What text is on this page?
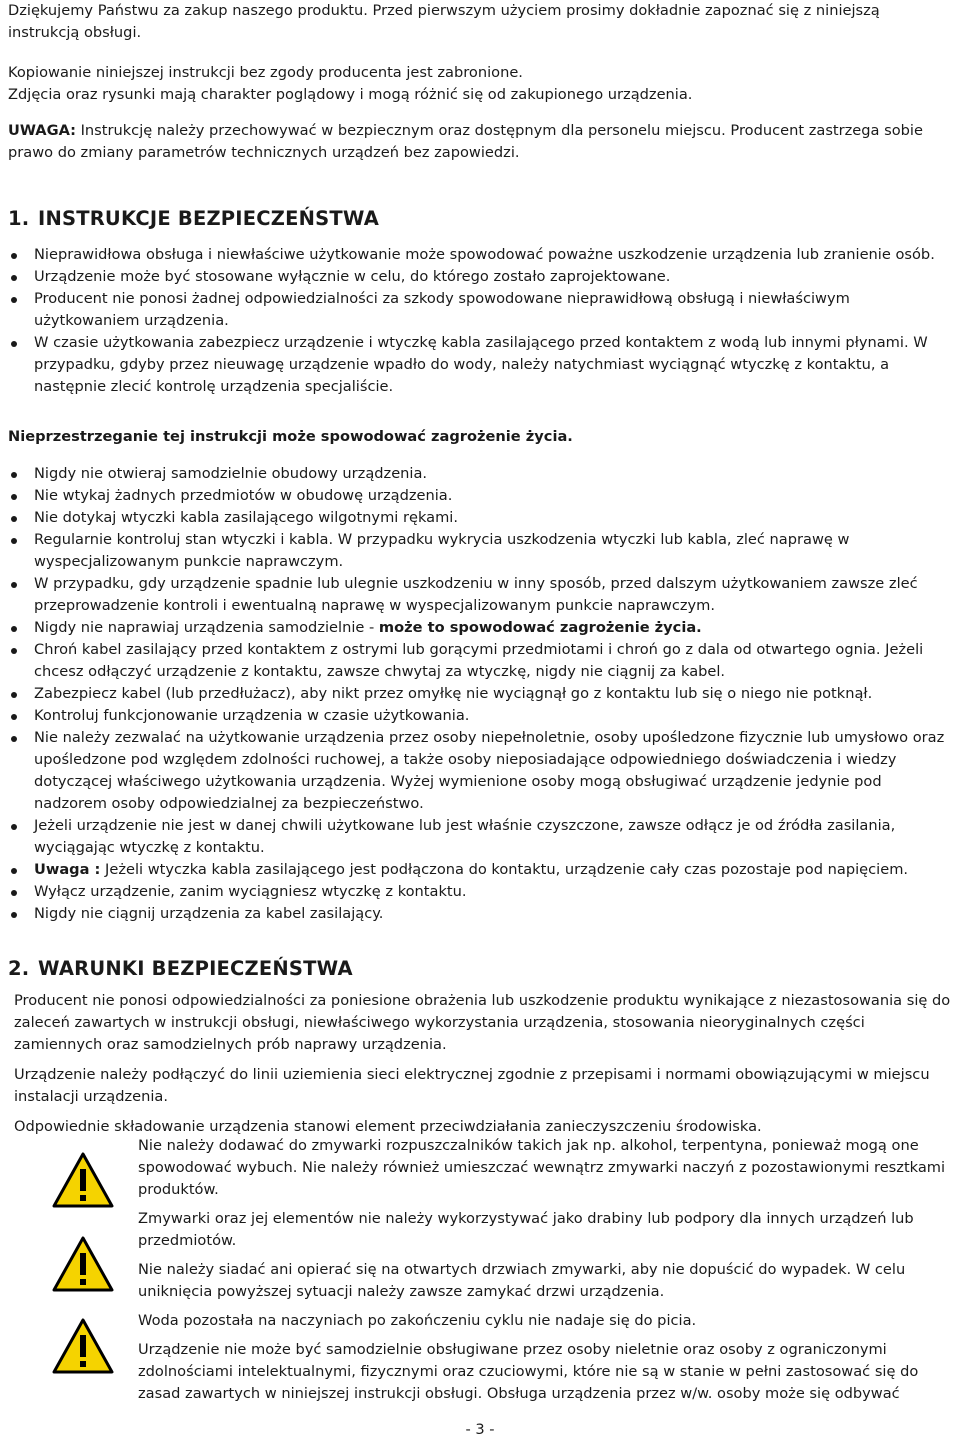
Dziękujemy Państwu za zakup naszego produktu. Przed pierwszym użyciem prosimy dokładnie zapoznać się z niniejszą instrukcją obsługi.

Kopiowanie niniejszej instrukcji bez zgody producenta jest zabronione.

Zdjęcia oraz rysunki mają charakter poglądowy i mogą różnić się od zakupionego urządzenia.

UWAGA: Instrukcję należy przechowywać w bezpiecznym oraz dostępnym dla personelu miejscu. Producent zastrzega sobie prawo do zmiany parametrów technicznych urządzeń bez zapowiedzi.

1. INSTRUKCJE BEZPIECZEŃSTWA
Nieprawidłowa obsługa i niewłaściwe użytkowanie może spowodować poważne uszkodzenie urządzenia lub zranienie osób.
Urządzenie może być stosowane wyłącznie w celu, do którego zostało zaprojektowane.
Producent nie ponosi żadnej odpowiedzialności za szkody spowodowane nieprawidłową obsługą i niewłaściwym użytkowaniem urządzenia.
W czasie użytkowania zabezpiecz urządzenie i wtyczkę kabla zasilającego przed kontaktem z wodą lub innymi płynami. W przypadku, gdyby przez nieuwagę urządzenie wpadło do wody, należy natychmiast wyciągnąć wtyczkę z kontaktu, a następnie zlecić kontrolę urządzenia specjaliście.

Nieprzestrzeganie tej instrukcji może spowodować zagrożenie życia.

Nigdy nie otwieraj samodzielnie obudowy urządzenia.
Nie wtykaj żadnych przedmiotów w obudowę urządzenia.
Nie dotykaj wtyczki kabla zasilającego wilgotnymi rękami.
Regularnie kontroluj stan wtyczki i kabla. W przypadku wykrycia uszkodzenia wtyczki lub kabla, zleć naprawę w wyspecjalizowanym punkcie naprawczym.
W przypadku, gdy urządzenie spadnie lub ulegnie uszkodzeniu w inny sposób, przed dalszym użytkowaniem zawsze zleć przeprowadzenie kontroli i ewentualną naprawę w wyspecjalizowanym punkcie naprawczym.
Nigdy nie naprawiaj urządzenia samodzielnie - może to spowodować zagrożenie życia.
Chroń kabel zasilający przed kontaktem z ostrymi lub gorącymi przedmiotami i chroń go z dala od otwartego ognia. Jeżeli chcesz odłączyć urządzenie z kontaktu, zawsze chwytaj za wtyczkę, nigdy nie ciągnij za kabel.
Zabezpiecz kabel (lub przedłużacz), aby nikt przez omyłkę nie wyciągnął go z kontaktu lub się o niego nie potknął.
Kontroluj funkcjonowanie urządzenia w czasie użytkowania.
Nie należy zezwalać na użytkowanie urządzenia przez osoby niepełnoletnie, osoby upośledzone fizycznie lub umysłowo oraz upośledzone pod względem zdolności ruchowej, a także osoby nieposiadające odpowiedniego doświadczenia i wiedzy dotyczącej właściwego użytkowania urządzenia. Wyżej wymienione osoby mogą obsługiwać urządzenie jedynie pod nadzorem osoby odpowiedzialnej za bezpieczeństwo.
Jeżeli urządzenie nie jest w danej chwili użytkowane lub jest właśnie czyszczone, zawsze odłącz je od źródła zasilania, wyciągając wtyczkę z kontaktu.
Uwaga : Jeżeli wtyczka kabla zasilającego jest podłączona do kontaktu, urządzenie cały czas pozostaje pod napięciem.
Wyłącz urządzenie, zanim wyciągniesz wtyczkę z kontaktu.
Nigdy nie ciągnij urządzenia za kabel zasilający.
2. WARUNKI BEZPIECZEŃSTWA

Producent nie ponosi odpowiedzialności za poniesione obrażenia lub uszkodzenie produktu wynikające z niezastosowania się do zaleceń zawartych w instrukcji obsługi, niewłaściwego wykorzystania urządzenia, stosowania nieoryginalnych części zamiennych oraz samodzielnych prób naprawy urządzenia.

Urządzenie należy podłączyć do linii uziemienia sieci elektrycznej zgodnie z przepisami i normami obowiązującymi w miejscu instalacji urządzenia.

Odpowiednie składowanie urządzenia stanowi element przeciwdziałania zanieczyszczeniu środowiska.

Nie należy dodawać do zmywarki rozpuszczalników takich jak np. alkohol, terpentyna, ponieważ mogą one spowodować wybuch. Nie należy również umieszczać wewnątrz zmywarki naczyń z pozostawionymi resztkami produktów.

Zmywarki oraz jej elementów nie należy wykorzystywać jako drabiny lub podpory dla innych urządzeń lub przedmiotów.

Nie należy siadać ani opierać się na otwartych drzwiach zmywarki, aby nie dopuścić do wypadek. W celu uniknięcia powyższej sytuacji należy zawsze zamykać drzwi urządzenia.

Woda pozostała na naczyniach po zakończeniu cyklu nie nadaje się do picia.

Urządzenie nie może być samodzielnie obsługiwane przez osoby nieletnie oraz osoby z ograniczonymi zdolnościami intelektualnymi, fizycznymi oraz czuciowymi, które nie są w stanie w pełni zastosować się do zasad zawartych w niniejszej instrukcji obsługi. Obsługa urządzenia przez w/w. osoby może się odbywać

- 3 -
